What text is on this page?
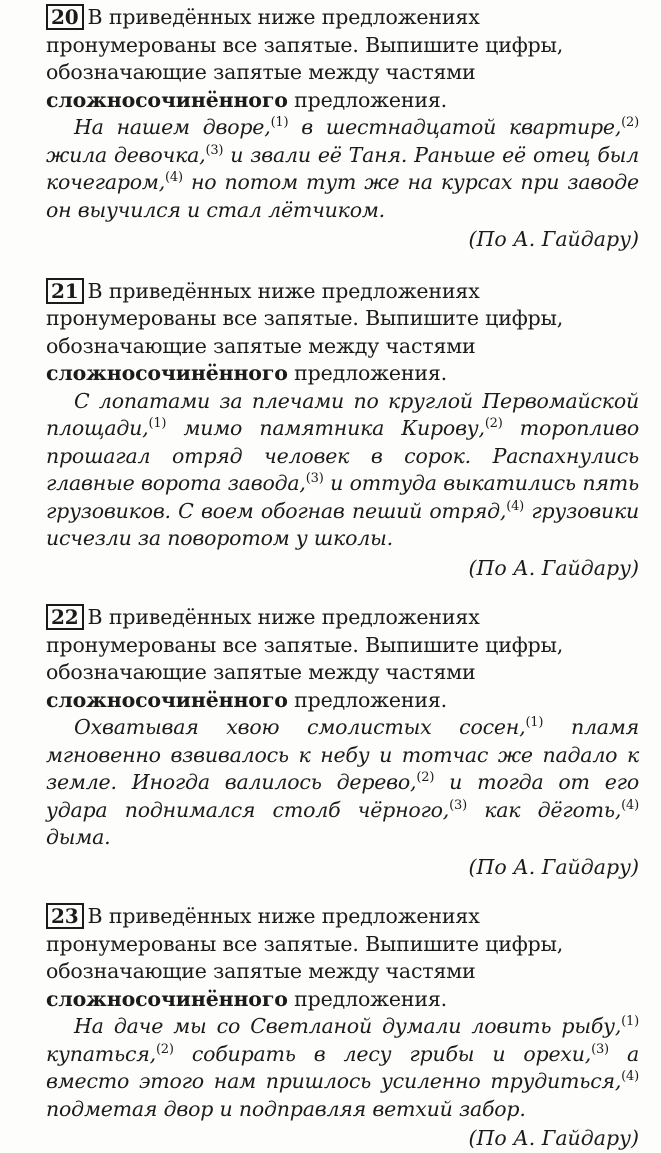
20 В приведённых ниже предложениях пронумерованы все запятые. Выпишите цифры, обозначающие запятые между частями сложносочинённого предложения.
На нашем дворе,$^{(1)}$ в шестнадцатой квартире,$^{(2)}$ жила девочка,$^{(3)}$ и звали её Таня. Раньше её отец был кочегаром,$^{(4)}$ но потом тут же на курсах при заводе он выучился и стал лётчиком.
(По А. Гайдару)
21 В приведённых ниже предложениях пронумерованы все запятые. Выпишите цифры, обозначающие запятые между частями сложносочинённого предложения.
С лопатами за плечами по круглой Первомайской площади,$^{(1)}$ мимо памятника Кирову,$^{(2)}$ торопливо прошагал отряд человек в сорок. Распахнулись главные ворота завода,$^{(3)}$ и оттуда выкатились пять грузовиков. С воем обогнав пеший отряд,$^{(4)}$ грузовики исчезли за поворотом у школы.
(По А. Гайдару)
22 В приведённых ниже предложениях пронумерованы все запятые. Выпишите цифры, обозначающие запятые между частями сложносочинённого предложения.
Охватывая хвою смолистых сосен,$^{(1)}$ пламя мгновенно взвивалось к небу и тотчас же падало к земле. Иногда валилось дерево,$^{(2)}$ и тогда от его удара поднимался столб чёрного,$^{(3)}$ как дёготь,$^{(4)}$ дыма.
(По А. Гайдару)
23 В приведённых ниже предложениях пронумерованы все запятые. Выпишите цифры, обозначающие запятые между частями сложносочинённого предложения.
На даче мы со Светланой думали ловить рыбу,$^{(1)}$ купаться,$^{(2)}$ собирать в лесу грибы и орехи,$^{(3)}$ а вместо этого нам пришлось усиленно трудиться,$^{(4)}$ подметая двор и подправляя ветхий забор.
(По А. Гайдару)
